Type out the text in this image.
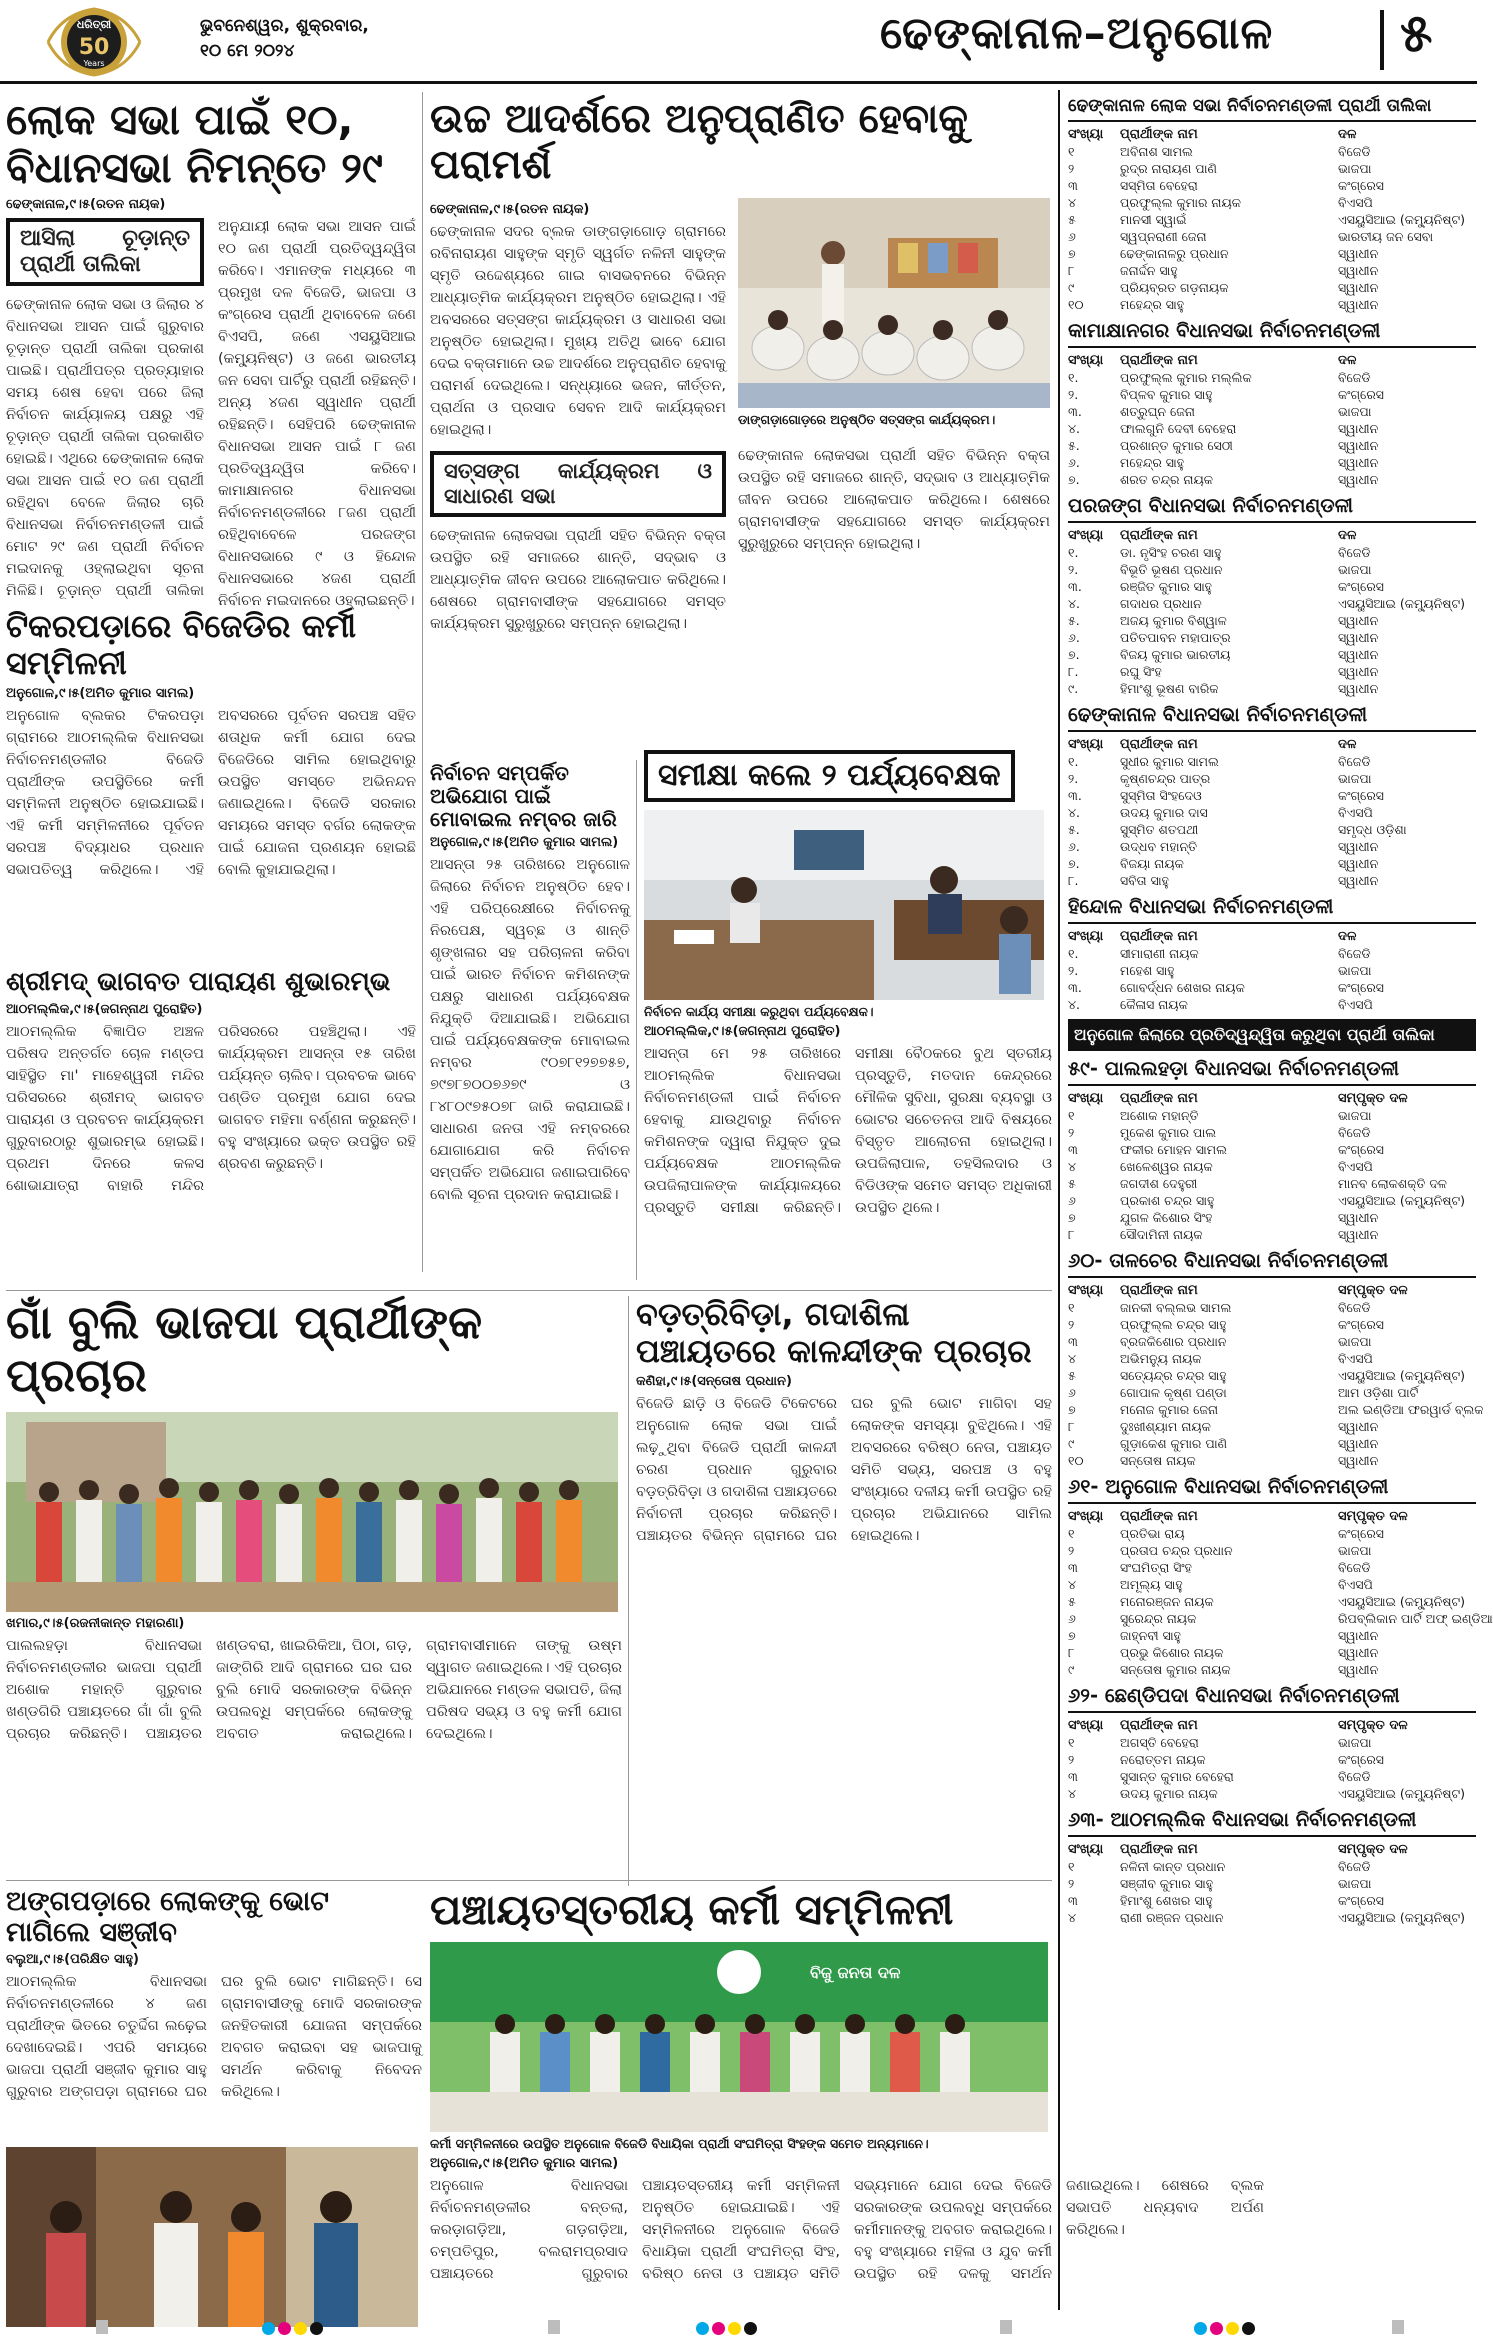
ଧରିତ୍ରୀ
50
Years
ଭୁବନେଶ୍ୱର, ଶୁକ୍ରବାର,
୧୦ ମେ ୨୦୨୪	ଢେଙ୍କାନାଳ–ଅନୁଗୋଳ ୫
ଲୋକ ସଭା ପାଇଁ ୧୦, ବିଧାନସଭା ନିମନ୍ତେ ୨୯
ଢେଙ୍କାନାଳ,୯।୫(ରତନ ନାୟକ)
ଆସିଲା ଚୂଡ଼ାନ୍ତ ପ୍ରାର୍ଥୀ ତାଲିକା
ଢେଙ୍କାନାଳ ଲୋକ ସଭା ଓ ଜିଲାର ୪ ବିଧାନସଭା ଆସନ ପାଇଁ ଗୁରୁବାର ଚୂଡ଼ାନ୍ତ ପ୍ରାର୍ଥୀ ତାଲିକା ପ୍ରକାଶ ପାଇଛି। ପ୍ରାର୍ଥୀପତ୍ର ପ୍ରତ୍ୟାହାର ସମୟ ଶେଷ ହେବା ପରେ ଜିଲା ନିର୍ବାଚନ କାର୍ଯ୍ୟାଳୟ ପକ୍ଷରୁ ଏହି ଚୂଡ଼ାନ୍ତ ପ୍ରାର୍ଥୀ ତାଲିକା ପ୍ରକାଶିତ ହୋଇଛି। ଏଥିରେ ଢେଙ୍କାନାଳ ଲୋକ ସଭା ଆସନ ପାଇଁ ୧୦ ଜଣ ପ୍ରାର୍ଥୀ ରହିଥିବା ବେଳେ ଜିଲାର ଚାରି ବିଧାନସଭା ନିର୍ବାଚନମଣ୍ଡଳୀ ପାଇଁ ମୋଟ ୨୯ ଜଣ ପ୍ରାର୍ଥୀ ନିର୍ବାଚନ ମଇଦାନକୁ ଓହ୍ଲାଇଥିବା ସୂଚନା ମିଳିଛି। ଚୂଡ଼ାନ୍ତ ପ୍ରାର୍ଥୀ ତାଲିକା ଅନୁଯାୟୀ ଲୋକ ସଭା ଆସନ ପାଇଁ ୧୦ ଜଣ ପ୍ରାର୍ଥୀ ପ୍ରତିଦ୍ୱନ୍ଦ୍ୱିତା କରିବେ। ଏମାନଙ୍କ ମଧ୍ୟରେ ୩ ପ୍ରମୁଖ ଦଳ ବିଜେଡି, ଭାଜପା ଓ କଂଗ୍ରେସ ପ୍ରାର୍ଥୀ ଥିବାବେଳେ ଜଣେ ବିଏସପି, ଜଣେ ଏସୟୁସିଆଇ (କମ୍ୟୁନିଷ୍ଟ) ଓ ଜଣେ ଭାରତୀୟ ଜନ ସେବା ପାର୍ଟିରୁ ପ୍ରାର୍ଥୀ ରହିଛନ୍ତି। ଅନ୍ୟ ୪ଜଣ ସ୍ୱାଧୀନ ପ୍ରାର୍ଥୀ ରହିଛନ୍ତି। ସେହିପରି ଢେଙ୍କାନାଳ ବିଧାନସଭା ଆସନ ପାଇଁ ୮ ଜଣ ପ୍ରତିଦ୍ୱନ୍ଦ୍ୱିତା କରିବେ। କାମାକ୍ଷାନଗର ବିଧାନସଭା ନିର୍ବାଚନମଣ୍ଡଳୀରେ ୮ଜଣ ପ୍ରାର୍ଥୀ ରହିଥିବାବେଳେ ପରଜଙ୍ଗ ବିଧାନସଭାରେ ୯ ଓ ହିନ୍ଦୋଳ ବିଧାନସଭାରେ ୪ଜଣ ପ୍ରାର୍ଥୀ ନିର୍ବାଚନ ମଇଦାନରେ ଓହ୍ଲାଇଛନ୍ତି।
ଟିକରପଡ଼ାରେ ବିଜେଡିର କର୍ମୀ ସମ୍ମିଳନୀ
ଅନୁଗୋଳ,୯।୫(ଅମିତ କୁମାର ସାମଲ)
ଅନୁଗୋଳ ବ୍ଲକର ଟିକରପଡ଼ା ଗ୍ରାମରେ ଆଠମଲ୍ଲିକ ବିଧାନସଭା ନିର୍ବାଚନମଣ୍ଡଳୀର ବିଜେଡି ପ୍ରାର୍ଥୀଙ୍କ ଉପସ୍ଥିତିରେ କର୍ମୀ ସମ୍ମିଳନୀ ଅନୁଷ୍ଠିତ ହୋଇଯାଇଛି। ଏହି କର୍ମୀ ସମ୍ମିଳନୀରେ ପୂର୍ବତନ ସରପଞ୍ଚ ବିଦ୍ୟାଧର ପ୍ରଧାନ ସଭାପତିତ୍ୱ କରିଥିଲେ। ଏହି ଅବସରରେ ପୂର୍ବତନ ସରପଞ୍ଚ ସହିତ ଶତାଧିକ କର୍ମୀ ଯୋଗ ଦେଇ ବିଜେଡିରେ ସାମିଲ ହୋଇଥିବାରୁ ଉପସ୍ଥିତ ସମସ୍ତେ ଅଭିନନ୍ଦନ ଜଣାଇଥିଲେ। ବିଜେଡି ସରକାର ସମୟରେ ସମସ୍ତ ବର୍ଗର ଲୋକଙ୍କ ପାଇଁ ଯୋଜନା ପ୍ରଣୟନ ହୋଇଛି ବୋଲି କୁହାଯାଇଥିଲା।
ଶ୍ରୀମଦ୍ ଭାଗବତ ପାରାୟଣ ଶୁଭାରମ୍ଭ
ଆଠମଲ୍ଲିକ,୯।୫(ଜଗନ୍ନାଥ ପୁରୋହିତ)
ଆଠମଲ୍ଲିକ ବିଜ୍ଞାପିତ ଅଞ୍ଚଳ ପରିଷଦ ଅନ୍ତର୍ଗତ ଚୋଳ ମଣ୍ଡପ ସାହିସ୍ଥିତ ମା' ମାହେଶ୍ୱରୀ ମନ୍ଦିର ପରିସରରେ ଶ୍ରୀମଦ୍ ଭାଗବତ ପାରାୟଣ ଓ ପ୍ରବଚନ କାର୍ଯ୍ୟକ୍ରମ ଗୁରୁବାରଠାରୁ ଶୁଭାରମ୍ଭ ହୋଇଛି। ପ୍ରଥମ ଦିନରେ କଳସ ଶୋଭାଯାତ୍ରା ବାହାରି ମନ୍ଦିର ପରିସରରେ ପହଞ୍ଚିଥିଲା। ଏହି କାର୍ଯ୍ୟକ୍ରମ ଆସନ୍ତା ୧୫ ତାରିଖ ପର୍ଯ୍ୟନ୍ତ ଚାଲିବ। ପ୍ରବଚକ ଭାବେ ପଣ୍ଡିତ ପ୍ରମୁଖ ଯୋଗ ଦେଇ ଭାଗବତ ମହିମା ବର୍ଣ୍ଣନା କରୁଛନ୍ତି। ବହୁ ସଂଖ୍ୟାରେ ଭକ୍ତ ଉପସ୍ଥିତ ରହି ଶ୍ରବଣ କରୁଛନ୍ତି।
ଉଚ୍ଚ ଆଦର୍ଶରେ ଅନୁପ୍ରାଣିତ ହେବାକୁ ପରାମର୍ଶ
ଢେଙ୍କାନାଳ,୯।୫(ରତନ ନାୟକ)
ଢେଙ୍କାନାଳ ସଦର ବ୍ଲକ ଡାଙ୍ଗଡ଼ାଗୋଡ଼ ଗ୍ରାମରେ ରବିନାରାୟଣ ସାହୁଙ୍କ ସ୍ମୃତି ସ୍ୱର୍ଗତ ନଳିନୀ ସାହୁଙ୍କ ସ୍ମୃତି ଉଦ୍ଦେଶ୍ୟରେ ଗାଇ ବାସଭବନରେ ବିଭିନ୍ନ ଆଧ୍ୟାତ୍ମିକ କାର୍ଯ୍ୟକ୍ରମ ଅନୁଷ୍ଠିତ ହୋଇଥିଲା। ଏହି ଅବସରରେ ସତ୍ସଙ୍ଗ କାର୍ଯ୍ୟକ୍ରମ ଓ ସାଧାରଣ ସଭା ଅନୁଷ୍ଠିତ ହୋଇଥିଲା। ମୁଖ୍ୟ ଅତିଥି ଭାବେ ଯୋଗ ଦେଇ ବକ୍ତାମାନେ ଉଚ୍ଚ ଆଦର୍ଶରେ ଅନୁପ୍ରାଣିତ ହେବାକୁ ପରାମର୍ଶ ଦେଇଥିଲେ। ସନ୍ଧ୍ୟାରେ ଭଜନ, କୀର୍ତ୍ତନ, ପ୍ରାର୍ଥନା ଓ ପ୍ରସାଦ ସେବନ ଆଦି କାର୍ଯ୍ୟକ୍ରମ ହୋଇଥିଲା।
ଡାଙ୍ଗଡ଼ାଗୋଡ଼ରେ ଅନୁଷ୍ଠିତ ସତ୍ସଙ୍ଗ କାର୍ଯ୍ୟକ୍ରମ।
ସତ୍ସଙ୍ଗ କାର୍ଯ୍ୟକ୍ରମ ଓ ସାଧାରଣ ସଭା
ଢେଙ୍କାନାଳ ଲୋକସଭା ପ୍ରାର୍ଥୀ ସହିତ ବିଭିନ୍ନ ବକ୍ତା ଉପସ୍ଥିତ ରହି ସମାଜରେ ଶାନ୍ତି, ସଦ୍ଭାବ ଓ ଆଧ୍ୟାତ୍ମିକ ଜୀବନ ଉପରେ ଆଲୋକପାତ କରିଥିଲେ। ଶେଷରେ ଗ୍ରାମବାସୀଙ୍କ ସହଯୋଗରେ ସମସ୍ତ କାର୍ଯ୍ୟକ୍ରମ ସୁରୁଖୁରୁରେ ସମ୍ପନ୍ନ ହୋଇଥିଲା।
ଢେଙ୍କାନାଳ ଲୋକସଭା ପ୍ରାର୍ଥୀ ସହିତ ବିଭିନ୍ନ ବକ୍ତା ଉପସ୍ଥିତ ରହି ସମାଜରେ ଶାନ୍ତି, ସଦ୍ଭାବ ଓ ଆଧ୍ୟାତ୍ମିକ ଜୀବନ ଉପରେ ଆଲୋକପାତ କରିଥିଲେ। ଶେଷରେ ଗ୍ରାମବାସୀଙ୍କ ସହଯୋଗରେ ସମସ୍ତ କାର୍ଯ୍ୟକ୍ରମ ସୁରୁଖୁରୁରେ ସମ୍ପନ୍ନ ହୋଇଥିଲା।
ନିର୍ବାଚନ ସମ୍ପର୍କିତ ଅଭିଯୋଗ ପାଇଁ ମୋବାଇଲ ନମ୍ବର ଜାରି
ଅନୁଗୋଳ,୯।୫(ଅମିତ କୁମାର ସାମଲ)
ଆସନ୍ତା ୨୫ ତାରିଖରେ ଅନୁଗୋଳ ଜିଲାରେ ନିର୍ବାଚନ ଅନୁଷ୍ଠିତ ହେବ। ଏହି ପରିପ୍ରେକ୍ଷୀରେ ନିର୍ବାଚନକୁ ନିରପେକ୍ଷ, ସ୍ୱଚ୍ଛ ଓ ଶାନ୍ତି ଶୃଙ୍ଖଳାର ସହ ପରିଚାଳନା କରିବା ପାଇଁ ଭାରତ ନିର୍ବାଚନ କମିଶନଙ୍କ ପକ୍ଷରୁ ସାଧାରଣ ପର୍ଯ୍ୟବେକ୍ଷକ ନିଯୁକ୍ତି ଦିଆଯାଇଛି। ଅଭିଯୋଗ ପାଇଁ ପର୍ଯ୍ୟବେକ୍ଷକଙ୍କ ମୋବାଇଲ ନମ୍ବର ୯୦୭୮୧୨୭୭୫୭, ୭୯୭୮୭୦୦୭୬୭୯ ଓ ୮୪୮୦୯୭୫୦୭୮ ଜାରି କରାଯାଇଛି। ସାଧାରଣ ଜନତା ଏହି ନମ୍ବରରେ ଯୋଗାଯୋଗ କରି ନିର୍ବାଚନ ସମ୍ପର୍କିତ ଅଭିଯୋଗ ଜଣାଇପାରିବେ ବୋଲି ସୂଚନା ପ୍ରଦାନ କରାଯାଇଛି।
ସମୀକ୍ଷା କଲେ ୨ ପର୍ଯ୍ୟବେକ୍ଷକ
ନିର୍ବାଚନ କାର୍ଯ୍ୟ ସମୀକ୍ଷା କରୁଥିବା ପର୍ଯ୍ୟବେକ୍ଷକ।
ଆଠମଲ୍ଲିକ,୯।୫(ଜଗନ୍ନାଥ ପୁରୋହିତ)
ଆସନ୍ତା ମେ ୨୫ ତାରିଖରେ ଆଠମଲ୍ଲିକ ବିଧାନସଭା ନିର୍ବାଚନମଣ୍ଡଳୀ ପାଇଁ ନିର୍ବାଚନ ହେବାକୁ ଯାଉଥିବାରୁ ନିର୍ବାଚନ କମିଶନଙ୍କ ଦ୍ୱାରା ନିଯୁକ୍ତ ଦୁଇ ପର୍ଯ୍ୟବେକ୍ଷକ ଆଠମଲ୍ଲିକ ଉପଜିଲାପାଳଙ୍କ କାର୍ଯ୍ୟାଳୟରେ ପ୍ରସ୍ତୁତି ସମୀକ୍ଷା କରିଛନ୍ତି। ସମୀକ୍ଷା ବୈଠକରେ ବୁଥ ସ୍ତରୀୟ ପ୍ରସ୍ତୁତି, ମତଦାନ କେନ୍ଦ୍ରରେ ମୌଳିକ ସୁବିଧା, ସୁରକ୍ଷା ବ୍ୟବସ୍ଥା ଓ ଭୋଟର ସଚେତନତା ଆଦି ବିଷୟରେ ବିସ୍ତୃତ ଆଲୋଚନା ହୋଇଥିଲା। ଉପଜିଲାପାଳ, ତହସିଲଦାର ଓ ବିଡିଓଙ୍କ ସମେତ ସମସ୍ତ ଅଧିକାରୀ ଉପସ୍ଥିତ ଥିଲେ।
ଗାଁ ବୁଲି ଭାଜପା ପ୍ରାର୍ଥୀଙ୍କ ପ୍ରଚାର
ଖମାର,୯।୫(ରଜନୀକାନ୍ତ ମହାରଣା)
ପାଲଲହଡ଼ା ବିଧାନସଭା ନିର୍ବାଚନମଣ୍ଡଳୀର ଭାଜପା ପ୍ରାର୍ଥୀ ଅଶୋକ ମହାନ୍ତି ଗୁରୁବାର ଖଣ୍ଡଗିରି ପଞ୍ଚାୟତରେ ଗାଁ ଗାଁ ବୁଲି ପ୍ରଚାର କରିଛନ୍ତି। ପଞ୍ଚାୟତର ଖଣ୍ଡବରା, ଖାଇରିକିଆ, ପିଠା, ଗଡ଼, ଜାଙ୍ଗିରି ଆଦି ଗ୍ରାମରେ ଘର ଘର ବୁଲି ମୋଦି ସରକାରଙ୍କ ବିଭିନ୍ନ ଉପଲବ୍ଧି ସମ୍ପର୍କରେ ଲୋକଙ୍କୁ ଅବଗତ କରାଇଥିଲେ। ଗ୍ରାମବାସୀମାନେ ତାଙ୍କୁ ଉଷ୍ମ ସ୍ୱାଗତ ଜଣାଇଥିଲେ। ଏହି ପ୍ରଚାର ଅଭିଯାନରେ ମଣ୍ଡଳ ସଭାପତି, ଜିଲା ପରିଷଦ ସଭ୍ୟ ଓ ବହୁ କର୍ମୀ ଯୋଗ ଦେଇଥିଲେ।
ବଡ଼ତ୍ରିବିଡ଼ା, ଗଦାଶିଳା ପଞ୍ଚାୟତରେ କାଳନ୍ଦୀଙ୍କ ପ୍ରଚାର
କଣିହା,୯।୫(ସନ୍ତୋଷ ପ୍ରଧାନ)
ବିଜେଡି ଛାଡ଼ି ଓ ବିଜେଡି ଟିକେଟରେ ଅନୁଗୋଳ ଲୋକ ସଭା ପାଇଁ ଲଢ଼ୁଥିବା ବିଜେଡି ପ୍ରାର୍ଥୀ କାଳନ୍ଦୀ ଚରଣ ପ୍ରଧାନ ଗୁରୁବାର ବଡ଼ତ୍ରିବିଡ଼ା ଓ ଗଦାଶିଳା ପଞ୍ଚାୟତରେ ନିର୍ବାଚନୀ ପ୍ରଚାର କରିଛନ୍ତି। ପଞ୍ଚାୟତର ବିଭିନ୍ନ ଗ୍ରାମରେ ଘର ଘର ବୁଲି ଭୋଟ ମାଗିବା ସହ ଲୋକଙ୍କ ସମସ୍ୟା ବୁଝିଥିଲେ। ଏହି ଅବସରରେ ବରିଷ୍ଠ ନେତା, ପଞ୍ଚାୟତ ସମିତି ସଭ୍ୟ, ସରପଞ୍ଚ ଓ ବହୁ ସଂଖ୍ୟାରେ ଦଳୀୟ କର୍ମୀ ଉପସ୍ଥିତ ରହି ପ୍ରଚାର ଅଭିଯାନରେ ସାମିଲ ହୋଇଥିଲେ।
ଅଙ୍ଗପଡ଼ାରେ ଲୋକଙ୍କୁ ଭୋଟ ମାଗିଲେ ସଞ୍ଜୀବ
ବଲୁଆ,୯।୫(ପରିକ୍ଷିତ ସାହୁ)
ଆଠମଲ୍ଲିକ ବିଧାନସଭା ନିର୍ବାଚନମଣ୍ଡଳୀରେ ୪ ଜଣ ପ୍ରାର୍ଥୀଙ୍କ ଭିତରେ ଚତୁର୍ଦ୍ଦିଗ ଲଢ଼େଇ ଦେଖାଦେଇଛି। ଏପରି ସମୟରେ ଭାଜପା ପ୍ରାର୍ଥୀ ସଞ୍ଜୀବ କୁମାର ସାହୁ ଗୁରୁବାର ଅଙ୍ଗପଡ଼ା ଗ୍ରାମରେ ଘର ଘର ବୁଲି ଭୋଟ ମାଗିଛନ୍ତି। ସେ ଗ୍ରାମବାସୀଙ୍କୁ ମୋଦି ସରକାରଙ୍କ ଜନହିତକାରୀ ଯୋଜନା ସମ୍ପର୍କରେ ଅବଗତ କରାଇବା ସହ ଭାଜପାକୁ ସମର୍ଥନ କରିବାକୁ ନିବେଦନ କରିଥିଲେ।
ପଞ୍ଚାୟତସ୍ତରୀୟ କର୍ମୀ ସମ୍ମିଳନୀ
ବିଜୁ ଜନତା ଦଳ
କର୍ମୀ ସମ୍ମିଳନୀରେ ଉପସ୍ଥିତ ଅନୁଗୋଳ ବିଜେଡି ବିଧାୟିକା ପ୍ରାର୍ଥୀ ସଂଘମିତ୍ରା ସିଂହଙ୍କ ସମେତ ଅନ୍ୟମାନେ।
ଅନୁଗୋଳ,୯।୫(ଅମିତ କୁମାର ସାମଲ)
ଅନୁଗୋଳ ବିଧାନସଭା ନିର୍ବାଚନମଣ୍ଡଳୀର ବନ୍ତଲା, କରଡ଼ାଗଡ଼ିଆ, ଗଡ଼ଗଡ଼ିଆ, ଚମ୍ପତିପୁର, ବଲରାମପ୍ରସାଦ ପଞ୍ଚାୟତରେ ଗୁରୁବାର ପଞ୍ଚାୟତସ୍ତରୀୟ କର୍ମୀ ସମ୍ମିଳନୀ ଅନୁଷ୍ଠିତ ହୋଇଯାଇଛି। ଏହି ସମ୍ମିଳନୀରେ ଅନୁଗୋଳ ବିଜେଡି ବିଧାୟିକା ପ୍ରାର୍ଥୀ ସଂଘମିତ୍ରା ସିଂହ, ବରିଷ୍ଠ ନେତା ଓ ପଞ୍ଚାୟତ ସମିତି ସଭ୍ୟମାନେ ଯୋଗ ଦେଇ ବିଜେଡି ସରକାରଙ୍କ ଉପଲବ୍ଧି ସମ୍ପର୍କରେ କର୍ମୀମାନଙ୍କୁ ଅବଗତ କରାଇଥିଲେ। ବହୁ ସଂଖ୍ୟାରେ ମହିଳା ଓ ଯୁବ କର୍ମୀ ଉପସ୍ଥିତ ରହି ଦଳକୁ ସମର୍ଥନ ଜଣାଇଥିଲେ। ଶେଷରେ ବ୍ଲକ ସଭାପତି ଧନ୍ୟବାଦ ଅର୍ପଣ କରିଥିଲେ।
ଢେଙ୍କାନାଳ ଲୋକ ସଭା ନିର୍ବାଚନମଣ୍ଡଳୀ ପ୍ରାର୍ଥୀ ତାଲିକା
ସଂଖ୍ୟା	ପ୍ରାର୍ଥୀଙ୍କ ନାମ	ଦଳ
୧	ଅବିନାଶ ସାମଲ	ବିଜେଡି
୨	ରୁଦ୍ର ନାରାୟଣ ପାଣି	ଭାଜପା
୩	ସସ୍ମିତା ବେହେରା	କଂଗ୍ରେସ
୪	ପ୍ରଫୁଲ୍ଲ କୁମାର ନାୟକ	ବିଏସପି
୫	ମାନସୀ ସ୍ୱାଇଁ	ଏସୟୁସିଆଇ (କମ୍ୟୁନିଷ୍ଟ)
୬	ସ୍ୱପ୍ନରାଣୀ ଜେନା	ଭାରତୀୟ ଜନ ସେବା
୭	ଢେଙ୍କାନାଳରୁ ପ୍ରଧାନ	ସ୍ୱାଧୀନ
୮	ଜନାର୍ଦ୍ଦନ ସାହୁ	ସ୍ୱାଧୀନ
୯	ପ୍ରିୟବ୍ରତ ଗଡ଼ନାୟକ	ସ୍ୱାଧୀନ
୧୦	ମହେନ୍ଦ୍ର ସାହୁ	ସ୍ୱାଧୀନ
କାମାକ୍ଷାନଗର ବିଧାନସଭା ନିର୍ବାଚନମଣ୍ଡଳୀ
ସଂଖ୍ୟା	ପ୍ରାର୍ଥୀଙ୍କ ନାମ	ଦଳ
୧.	ପ୍ରଫୁଲ୍ଲ କୁମାର ମଲ୍ଲିକ	ବିଜେଡି
୨.	ବିପ୍ଳବ କୁମାର ସାହୁ	କଂଗ୍ରେସ
୩.	ଶତ୍ରୁଘ୍ନ ଜେନା	ଭାଜପା
୪.	ଫାଲଗୁନି ଦେବୀ ବେହେରା	ସ୍ୱାଧୀନ
୫.	ପ୍ରଶାନ୍ତ କୁମାର ସେଠୀ	ସ୍ୱାଧୀନ
୬.	ମହେନ୍ଦ୍ର ସାହୁ	ସ୍ୱାଧୀନ
୭.	ଶରତ ଚନ୍ଦ୍ର ନାୟକ	ସ୍ୱାଧୀନ
ପରଜଙ୍ଗ ବିଧାନସଭା ନିର୍ବାଚନମଣ୍ଡଳୀ
ସଂଖ୍ୟା	ପ୍ରାର୍ଥୀଙ୍କ ନାମ	ଦଳ
୧.	ଡା. ନୃସିଂହ ଚରଣ ସାହୁ	ବିଜେଡି
୨.	ବିଭୂତି ଭୂଷଣ ପ୍ରଧାନ	ଭାଜପା
୩.	ରଞ୍ଜିତ କୁମାର ସାହୁ	କଂଗ୍ରେସ
୪.	ଗଦାଧର ପ୍ରଧାନ	ଏସୟୁସିଆଇ (କମ୍ୟୁନିଷ୍ଟ)
୫.	ଅଜୟ କୁମାର ବିଶ୍ୱାଳ	ସ୍ୱାଧୀନ
୬.	ପତିତପାବନ ମହାପାତ୍ର	ସ୍ୱାଧୀନ
୭.	ବିଜୟ କୁମାର ଭାରତୀୟ	ସ୍ୱାଧୀନ
୮.	ରଘୁ ସିଂହ	ସ୍ୱାଧୀନ
୯.	ହିମାଂଶୁ ଭୂଷଣ ବାରିକ	ସ୍ୱାଧୀନ
ଢେଙ୍କାନାଳ ବିଧାନସଭା ନିର୍ବାଚନମଣ୍ଡଳୀ
ସଂଖ୍ୟା	ପ୍ରାର୍ଥୀଙ୍କ ନାମ	ଦଳ
୧.	ସୁଧୀର କୁମାର ସାମଲ	ବିଜେଡି
୨.	କୃଷ୍ଣଚନ୍ଦ୍ର ପାତ୍ର	ଭାଜପା
୩.	ସୁସ୍ମିତା ସିଂହଦେଓ	କଂଗ୍ରେସ
୪.	ଉଦୟ କୁମାର ଦାସ	ବିଏସପି
୫.	ସୁସ୍ମିତ ଶତପଥୀ	ସମୃଦ୍ଧ ଓଡ଼ିଶା
୬.	ଉଦ୍ଧବ ମହାନ୍ତି	ସ୍ୱାଧୀନ
୭.	ବିଜୟା ନାୟକ	ସ୍ୱାଧୀନ
୮.	ସବିତା ସାହୁ	ସ୍ୱାଧୀନ
ହିନ୍ଦୋଳ ବିଧାନସଭା ନିର୍ବାଚନମଣ୍ଡଳୀ
ସଂଖ୍ୟା	ପ୍ରାର୍ଥୀଙ୍କ ନାମ	ଦଳ
୧.	ସୀମାରାଣୀ ନାୟକ	ବିଜେଡି
୨.	ମହେଶ ସାହୁ	ଭାଜପା
୩.	ଗୋବର୍ଦ୍ଧନ ଶେଖର ନାୟକ	କଂଗ୍ରେସ
୪.	କୈଳାସ ନାୟକ	ବିଏସପି
ଅନୁଗୋଳ ଜିଲାରେ ପ୍ରତିଦ୍ୱନ୍ଦ୍ୱିତା କରୁଥିବା ପ୍ରାର୍ଥୀ ତାଲିକା
୫୯- ପାଲଲହଡ଼ା ବିଧାନସଭା ନିର୍ବାଚନମଣ୍ଡଳୀ
ସଂଖ୍ୟା	ପ୍ରାର୍ଥୀଙ୍କ ନାମ	ସମ୍ପୃକ୍ତ ଦଳ
୧	ଅଶୋକ ମହାନ୍ତି	ଭାଜପା
୨	ମୁକେଶ କୁମାର ପାଲ	ବିଜେଡି
୩	ଫକୀର ମୋହନ ସାମଲ	କଂଗ୍ରେସ
୪	ଖେଳେଶ୍ୱର ନାୟକ	ବିଏସପି
୫	ଜଗଦୀଶ ଦେହୁରୀ	ମାନବ ଲୋକଶକ୍ତି ଦଳ
୬	ପ୍ରକାଶ ଚନ୍ଦ୍ର ସାହୁ	ଏସୟୁସିଆଇ (କମ୍ୟୁନିଷ୍ଟ)
୭	ଯୁଗଳ କିଶୋର ସିଂହ	ସ୍ୱାଧୀନ
୮	ସୌଦାମିନୀ ନାୟକ	ସ୍ୱାଧୀନ
୬୦- ତାଳଚେର ବିଧାନସଭା ନିର୍ବାଚନମଣ୍ଡଳୀ
ସଂଖ୍ୟା	ପ୍ରାର୍ଥୀଙ୍କ ନାମ	ସମ୍ପୃକ୍ତ ଦଳ
୧	ଜାନକୀ ବଲ୍ଲଭ ସାମଲ	ବିଜେଡି
୨	ପ୍ରଫୁଲ୍ଲ ଚନ୍ଦ୍ର ସାହୁ	କଂଗ୍ରେସ
୩	ବ୍ରଜକିଶୋର ପ୍ରଧାନ	ଭାଜପା
୪	ଅଭିମନ୍ୟୁ ନାୟକ	ବିଏସପି
୫	ସତ୍ୟେନ୍ଦ୍ର ଚନ୍ଦ୍ର ସାହୁ	ଏସୟୁସିଆଇ (କମ୍ୟୁନିଷ୍ଟ)
୬	ଗୋପାଳ କୃଷ୍ଣ ପଣ୍ଡା	ଆମ ଓଡ଼ିଶା ପାର୍ଟି
୭	ମନୋଜ କୁମାର ଜେନା	ଅଲ ଇଣ୍ଡିଆ ଫରୱାର୍ଡ ବ୍ଲକ
୮	ଦୁଃଖୀଶ୍ୟାମ ନାୟକ	ସ୍ୱାଧୀନ
୯	ଗୁଡ଼ାକେଶ କୁମାର ପାଣି	ସ୍ୱାଧୀନ
୧୦	ସନ୍ତୋଷ ନାୟକ	ସ୍ୱାଧୀନ
୬୧- ଅନୁଗୋଳ ବିଧାନସଭା ନିର୍ବାଚନମଣ୍ଡଳୀ
ସଂଖ୍ୟା	ପ୍ରାର୍ଥୀଙ୍କ ନାମ	ସମ୍ପୃକ୍ତ ଦଳ
୧	ପ୍ରତିଭା ରାୟ	କଂଗ୍ରେସ
୨	ପ୍ରତାପ ଚନ୍ଦ୍ର ପ୍ରଧାନ	ଭାଜପା
୩	ସଂଘମିତ୍ରା ସିଂହ	ବିଜେଡି
୪	ଅମୂଲ୍ୟ ସାହୁ	ବିଏସପି
୫	ମନୋରଞ୍ଜନ ନାୟକ	ଏସୟୁସିଆଇ (କମ୍ୟୁନିଷ୍ଟ)
୬	ସୁରେନ୍ଦ୍ର ନାୟକ	ରିପବ୍ଲିକାନ ପାର୍ଟି ଅଫ୍ ଇଣ୍ଡିଆ
୭	ଜାହ୍ନବୀ ସାହୁ	ସ୍ୱାଧୀନ
୮	ପ୍ରଭୁ କିଶୋର ନାୟକ	ସ୍ୱାଧୀନ
୯	ସନ୍ତୋଷ କୁମାର ନାୟକ	ସ୍ୱାଧୀନ
୬୨- ଛେଣ୍ଡିପଦା ବିଧାନସଭା ନିର୍ବାଚନମଣ୍ଡଳୀ
ସଂଖ୍ୟା	ପ୍ରାର୍ଥୀଙ୍କ ନାମ	ସମ୍ପୃକ୍ତ ଦଳ
୧	ଅଗସ୍ତି ବେହେରା	ଭାଜପା
୨	ନରୋତ୍ତମ ନାୟକ	କଂଗ୍ରେସ
୩	ସୁସାନ୍ତ କୁମାର ବେହେରା	ବିଜେଡି
୪	ଉଦୟ କୁମାର ନାୟକ	ଏସୟୁସିଆଇ (କମ୍ୟୁନିଷ୍ଟ)
୬୩- ଆଠମଲ୍ଲିକ ବିଧାନସଭା ନିର୍ବାଚନମଣ୍ଡଳୀ
ସଂଖ୍ୟା	ପ୍ରାର୍ଥୀଙ୍କ ନାମ	ସମ୍ପୃକ୍ତ ଦଳ
୧	ନଳିନୀ କାନ୍ତ ପ୍ରଧାନ	ବିଜେଡି
୨	ସଞ୍ଜୀବ କୁମାର ସାହୁ	ଭାଜପା
୩	ହିମାଂଶୁ ଶେଖର ସାହୁ	କଂଗ୍ରେସ
୪	ରାଣୀ ରଞ୍ଜନ ପ୍ରଧାନ	ଏସୟୁସିଆଇ (କମ୍ୟୁନିଷ୍ଟ)
